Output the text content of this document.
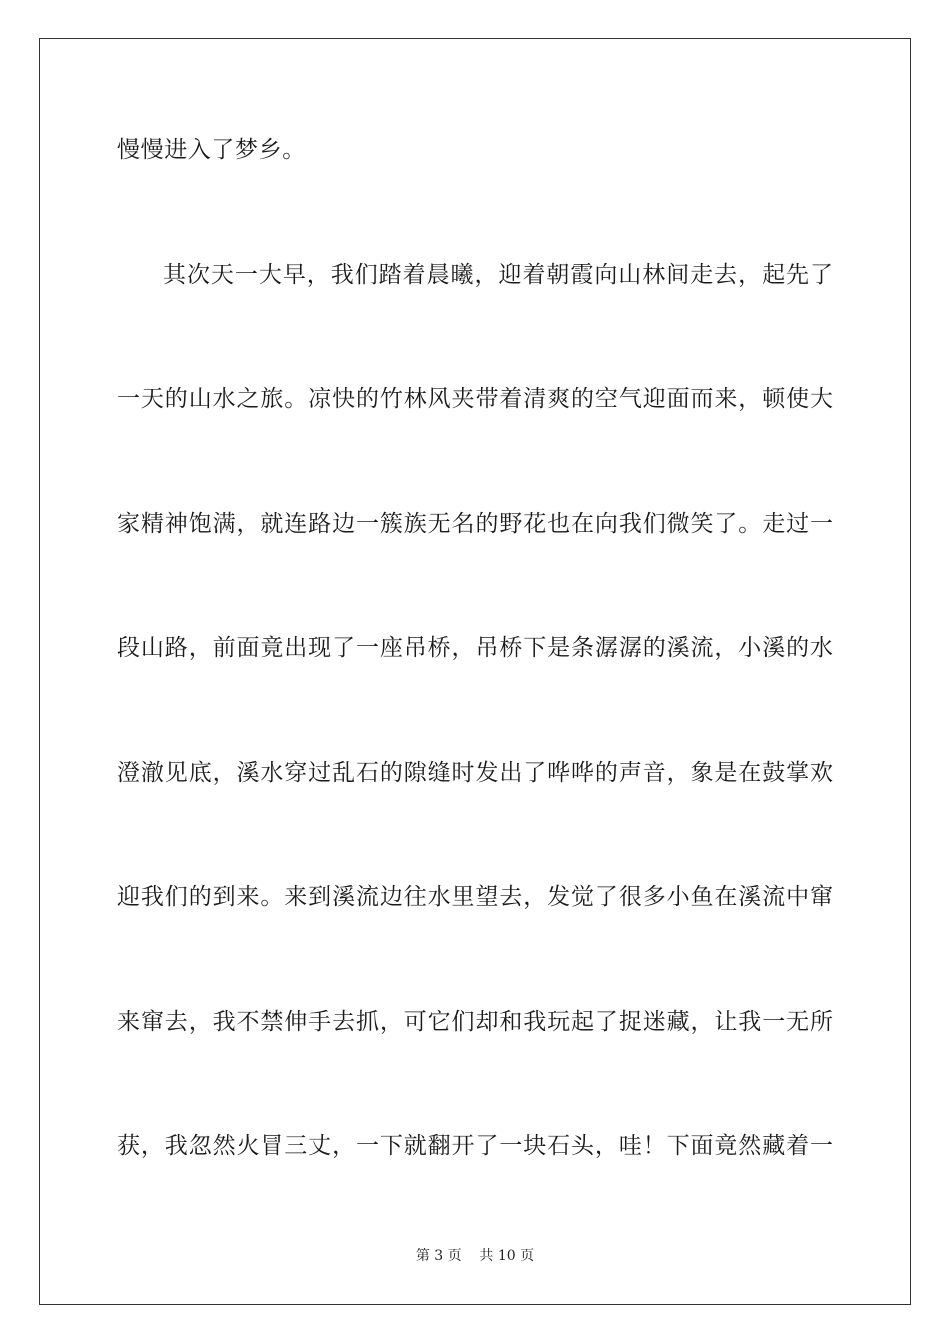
慢慢进入了梦乡。
其次天一大早，我们踏着晨曦，迎着朝霞向山林间走去，起先了
一天的山水之旅。凉快的竹林风夹带着清爽的空气迎面而来，顿使大
家精神饱满，就连路边一簇族无名的野花也在向我们微笑了。走过一
段山路，前面竟出现了一座吊桥，吊桥下是条潺潺的溪流，小溪的水
澄澈见底，溪水穿过乱石的隙缝时发出了哗哗的声音，象是在鼓掌欢
迎我们的到来。来到溪流边往水里望去，发觉了很多小鱼在溪流中窜
来窜去，我不禁伸手去抓，可它们却和我玩起了捉迷藏，让我一无所
获，我忽然火冒三丈，一下就翻开了一块石头，哇！下面竟然藏着一
第 3 页    共 10 页
